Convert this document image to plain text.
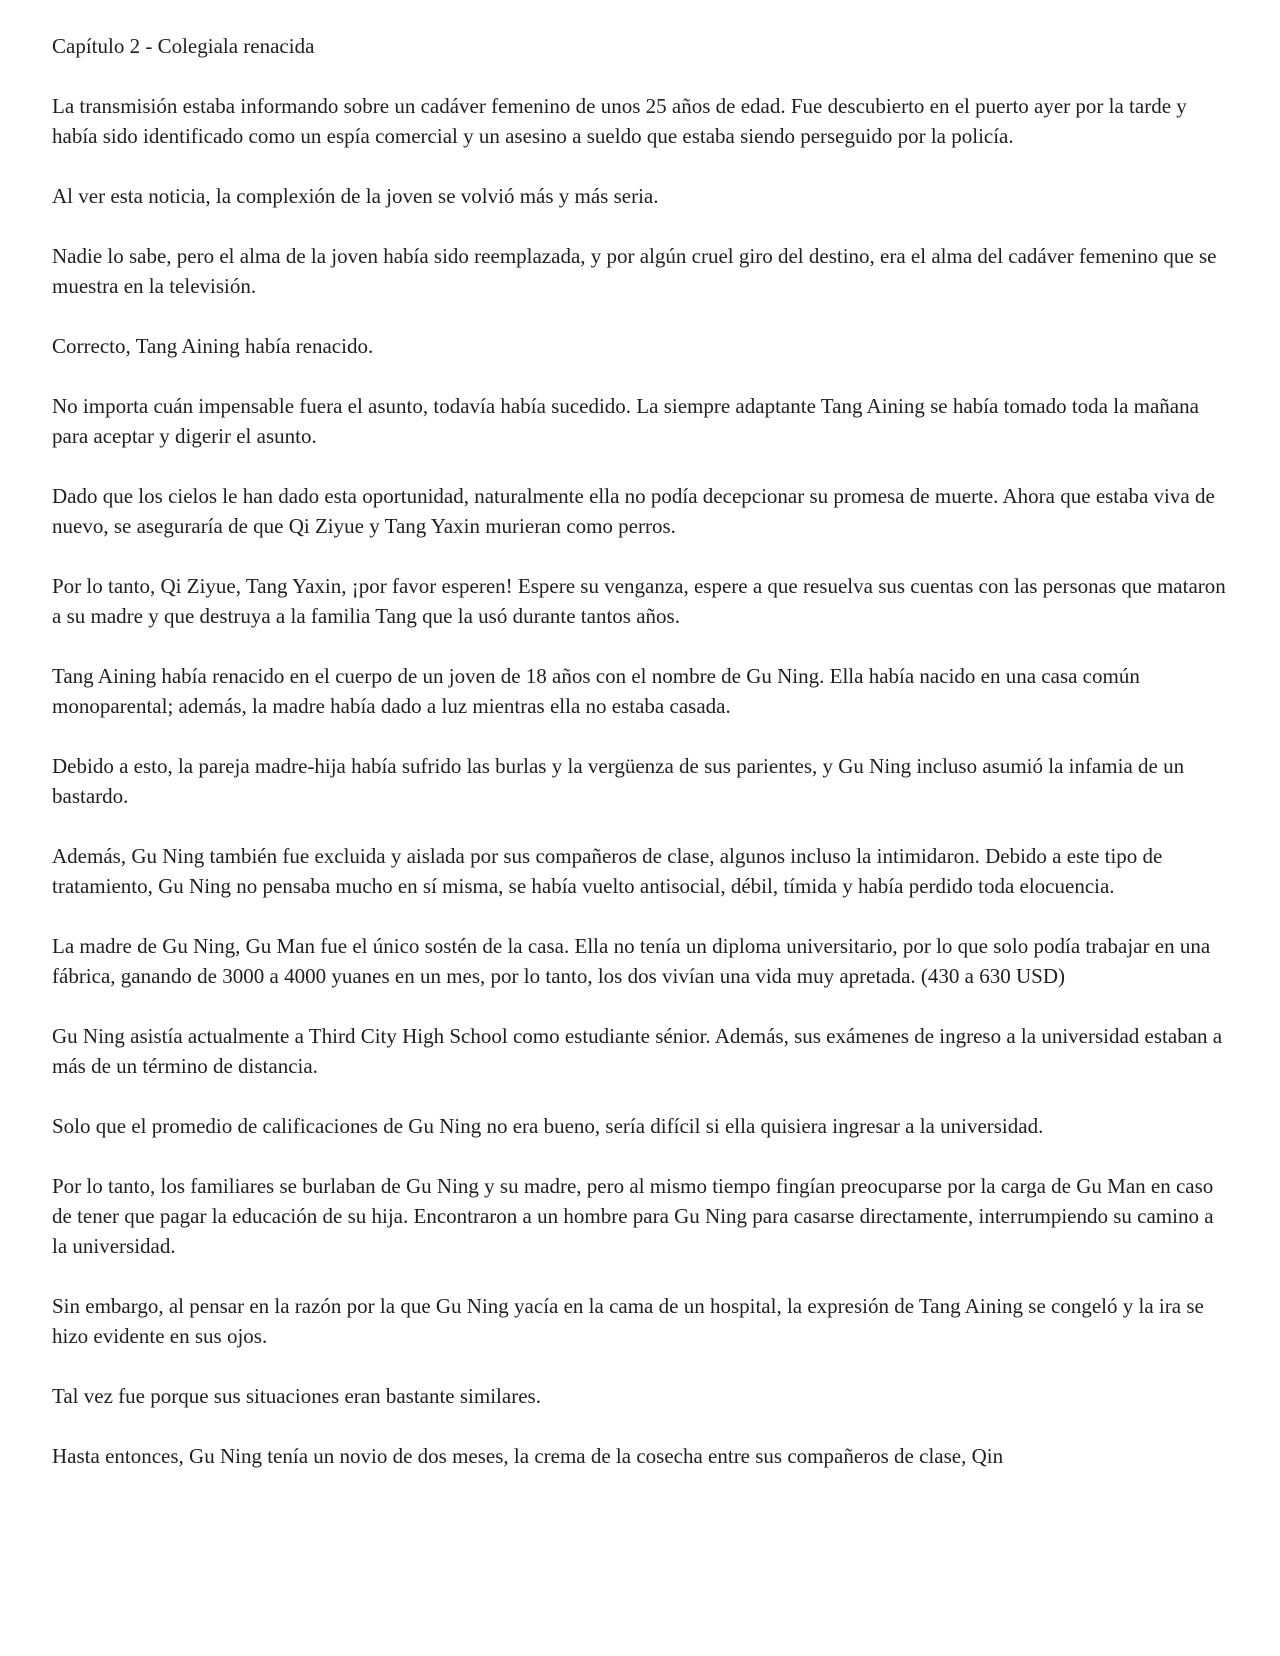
Capítulo 2 - Colegiala renacida

La transmisión estaba informando sobre un cadáver femenino de unos 25 años de edad. Fue descubierto en el puerto ayer por la tarde y había sido identificado como un espía comercial y un asesino a sueldo que estaba siendo perseguido por la policía.

Al ver esta noticia, la complexión de la joven se volvió más y más seria.

Nadie lo sabe, pero el alma de la joven había sido reemplazada, y por algún cruel giro del destino, era el alma del cadáver femenino que se muestra en la televisión.

Correcto, Tang Aining había renacido.

No importa cuán impensable fuera el asunto, todavía había sucedido. La siempre adaptante Tang Aining se había tomado toda la mañana para aceptar y digerir el asunto.

Dado que los cielos le han dado esta oportunidad, naturalmente ella no podía decepcionar su promesa de muerte. Ahora que estaba viva de nuevo, se aseguraría de que Qi Ziyue y Tang Yaxin murieran como perros.

Por lo tanto, Qi Ziyue, Tang Yaxin, ¡por favor esperen! Espere su venganza, espere a que resuelva sus cuentas con las personas que mataron a su madre y que destruya a la familia Tang que la usó durante tantos años.

Tang Aining había renacido en el cuerpo de un joven de 18 años con el nombre de Gu Ning. Ella había nacido en una casa común monoparental; además, la madre había dado a luz mientras ella no estaba casada.

Debido a esto, la pareja madre-hija había sufrido las burlas y la vergüenza de sus parientes, y Gu Ning incluso asumió la infamia de un bastardo.

Además, Gu Ning también fue excluida y aislada por sus compañeros de clase, algunos incluso la intimidaron. Debido a este tipo de tratamiento, Gu Ning no pensaba mucho en sí misma, se había vuelto antisocial, débil, tímida y había perdido toda elocuencia.

La madre de Gu Ning, Gu Man fue el único sostén de la casa. Ella no tenía un diploma universitario, por lo que solo podía trabajar en una fábrica, ganando de 3000 a 4000 yuanes en un mes, por lo tanto, los dos vivían una vida muy apretada. (430 a 630 USD)

Gu Ning asistía actualmente a Third City High School como estudiante sénior. Además, sus exámenes de ingreso a la universidad estaban a más de un término de distancia.

Solo que el promedio de calificaciones de Gu Ning no era bueno, sería difícil si ella quisiera ingresar a la universidad.

Por lo tanto, los familiares se burlaban de Gu Ning y su madre, pero al mismo tiempo fingían preocuparse por la carga de Gu Man en caso de tener que pagar la educación de su hija. Encontraron a un hombre para Gu Ning para casarse directamente, interrumpiendo su camino a la universidad.

Sin embargo, al pensar en la razón por la que Gu Ning yacía en la cama de un hospital, la expresión de Tang Aining se congeló y la ira se hizo evidente en sus ojos.

Tal vez fue porque sus situaciones eran bastante similares.

Hasta entonces, Gu Ning tenía un novio de dos meses, la crema de la cosecha entre sus compañeros de clase, Qin
